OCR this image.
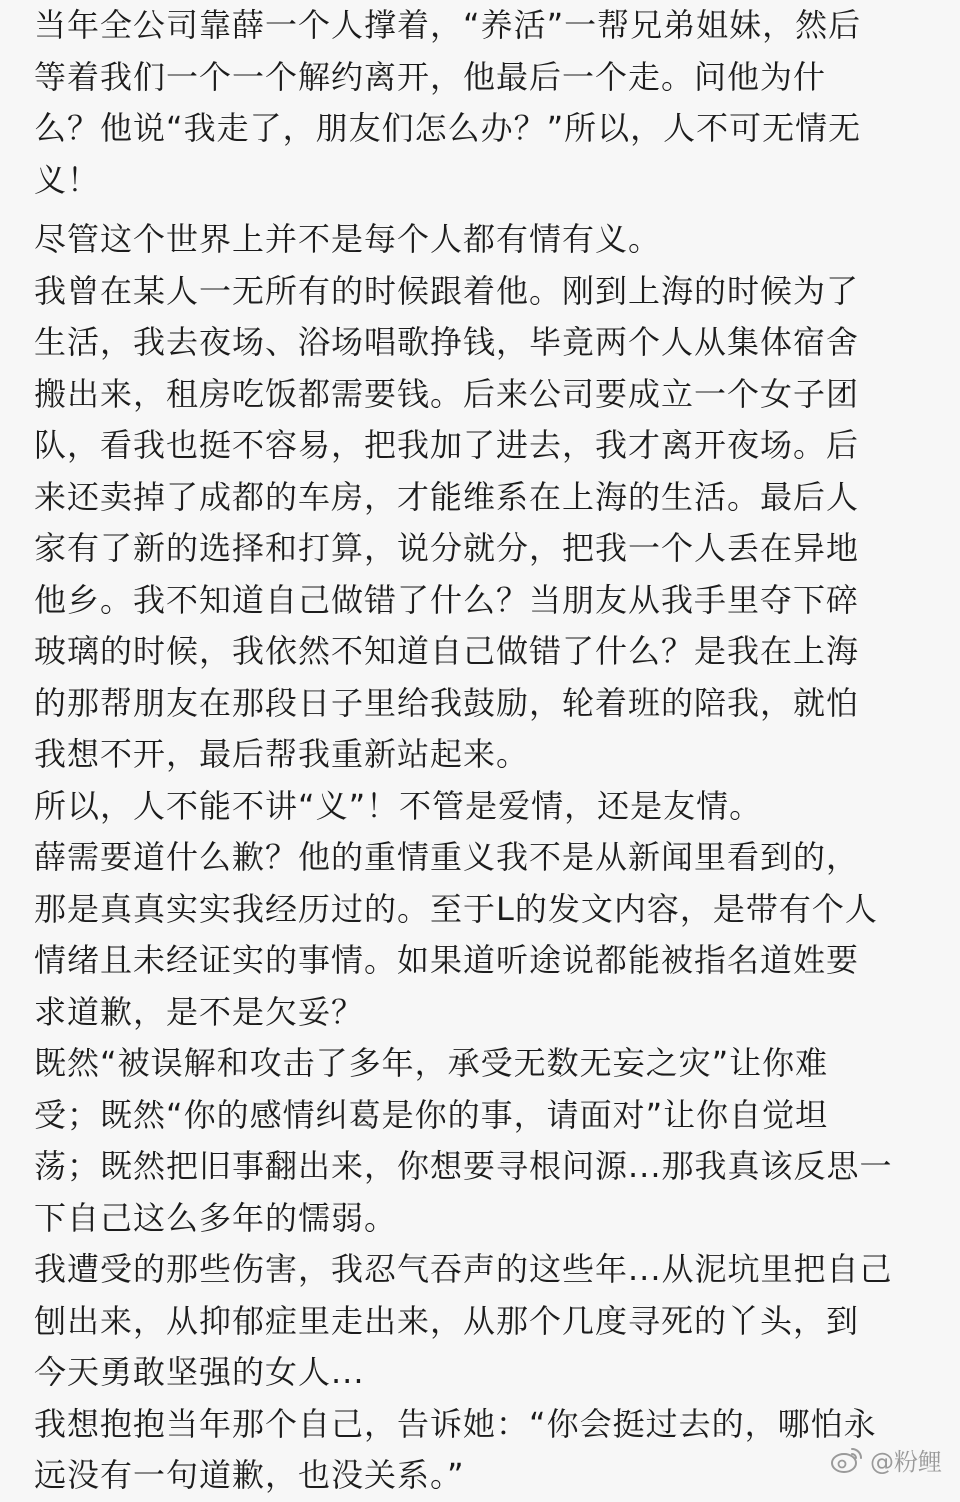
当年全公司靠薛一个人撑着，“养活”一帮兄弟姐妹，然后
等着我们一个一个解约离开，他最后一个走。问他为什
么？他说“我走了，朋友们怎么办？”所以，人不可无情无
义！

尽管这个世界上并不是每个人都有情有义。

我曾在某人一无所有的时候跟着他。刚到上海的时候为了
生活，我去夜场、浴场唱歌挣钱，毕竟两个人从集体宿舍
搬出来，租房吃饭都需要钱。后来公司要成立一个女子团
队，看我也挺不容易，把我加了进去，我才离开夜场。后
来还卖掉了成都的车房，才能维系在上海的生活。最后人
家有了新的选择和打算，说分就分，把我一个人丢在异地
他乡。我不知道自己做错了什么？当朋友从我手里夺下碎
玻璃的时候，我依然不知道自己做错了什么？是我在上海
的那帮朋友在那段日子里给我鼓励，轮着班的陪我，就怕
我想不开，最后帮我重新站起来。

所以，人不能不讲“义”！不管是爱情，还是友情。

薛需要道什么歉？他的重情重义我不是从新闻里看到的，
那是真真实实我经历过的。至于L的发文内容，是带有个人
情绪且未经证实的事情。如果道听途说都能被指名道姓要
求道歉，是不是欠妥？

既然“被误解和攻击了多年，承受无数无妄之灾”让你难
受；既然“你的感情纠葛是你的事，请面对”让你自觉坦
荡；既然把旧事翻出来，你想要寻根问源...那我真该反思一
下自己这么多年的懦弱。

我遭受的那些伤害，我忍气吞声的这些年...从泥坑里把自己
刨出来，从抑郁症里走出来，从那个几度寻死的丫头，到
今天勇敢坚强的女人...

我想抱抱当年那个自己，告诉她：“你会挺过去的，哪怕永
远没有一句道歉，也没关系。”	@粉鲤
